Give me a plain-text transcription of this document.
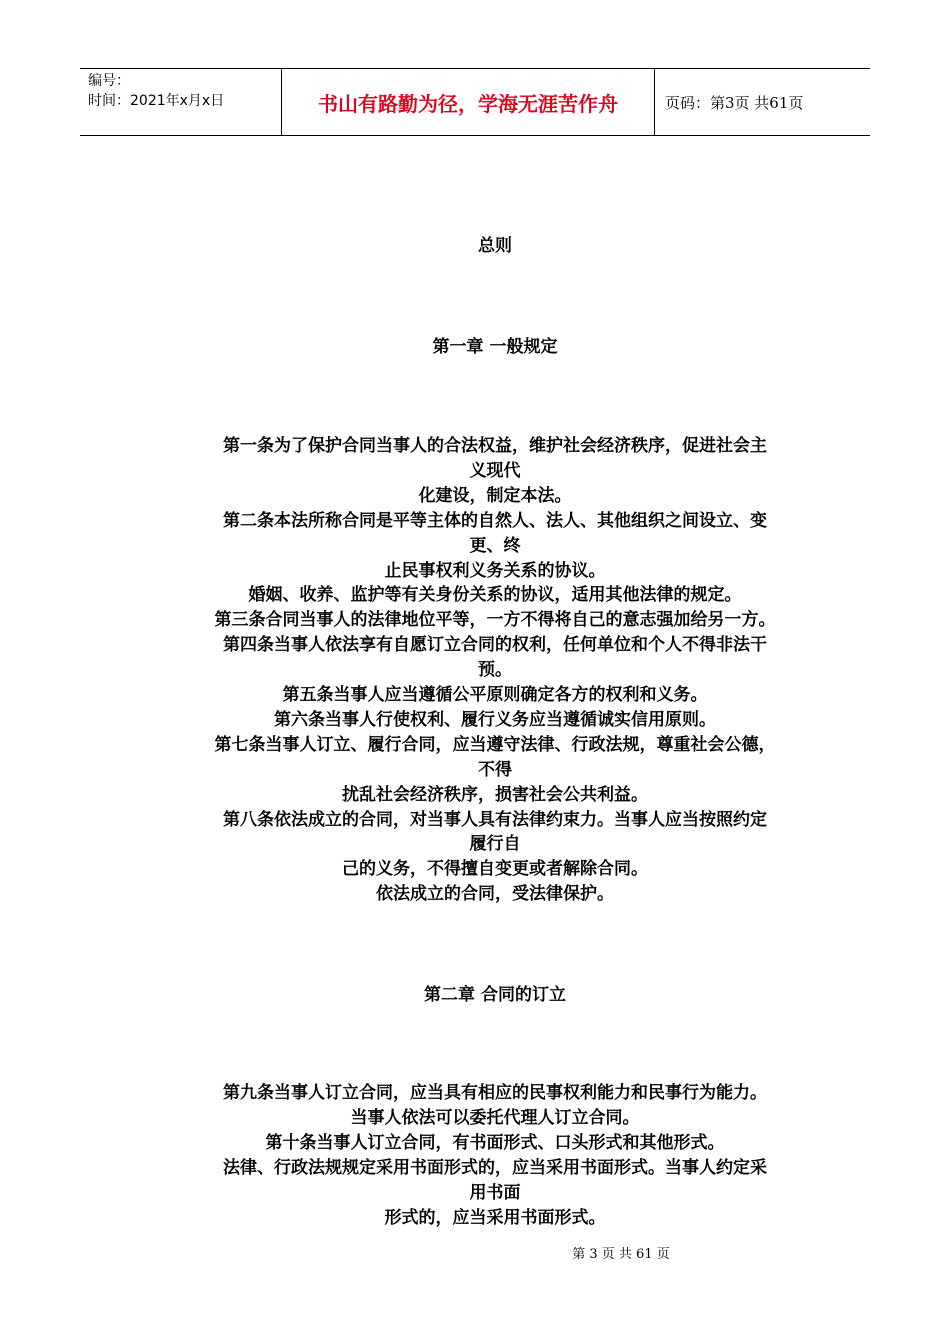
编号：
时间：2021年x月x日	书山有路勤为径，学海无涯苦作舟	页码：第3页 共61页
总则
第一章 一般规定
第一条为了保护合同当事人的合法权益，维护社会经济秩序，促进社会主
义现代
化建设，制定本法。
第二条本法所称合同是平等主体的自然人、法人、其他组织之间设立、变
更、终
止民事权利义务关系的协议。
婚姻、收养、监护等有关身份关系的协议，适用其他法律的规定。
第三条合同当事人的法律地位平等，一方不得将自己的意志强加给另一方。
第四条当事人依法享有自愿订立合同的权利，任何单位和个人不得非法干
预。
第五条当事人应当遵循公平原则确定各方的权利和义务。
第六条当事人行使权利、履行义务应当遵循诚实信用原则。
第七条当事人订立、履行合同，应当遵守法律、行政法规，尊重社会公德，
不得
扰乱社会经济秩序，损害社会公共利益。
第八条依法成立的合同，对当事人具有法律约束力。当事人应当按照约定
履行自
己的义务，不得擅自变更或者解除合同。
依法成立的合同，受法律保护。
第二章 合同的订立
第九条当事人订立合同，应当具有相应的民事权利能力和民事行为能力。
当事人依法可以委托代理人订立合同。
第十条当事人订立合同，有书面形式、口头形式和其他形式。
法律、行政法规规定采用书面形式的，应当采用书面形式。当事人约定采
用书面
形式的，应当采用书面形式。
第 3 页 共 61 页
